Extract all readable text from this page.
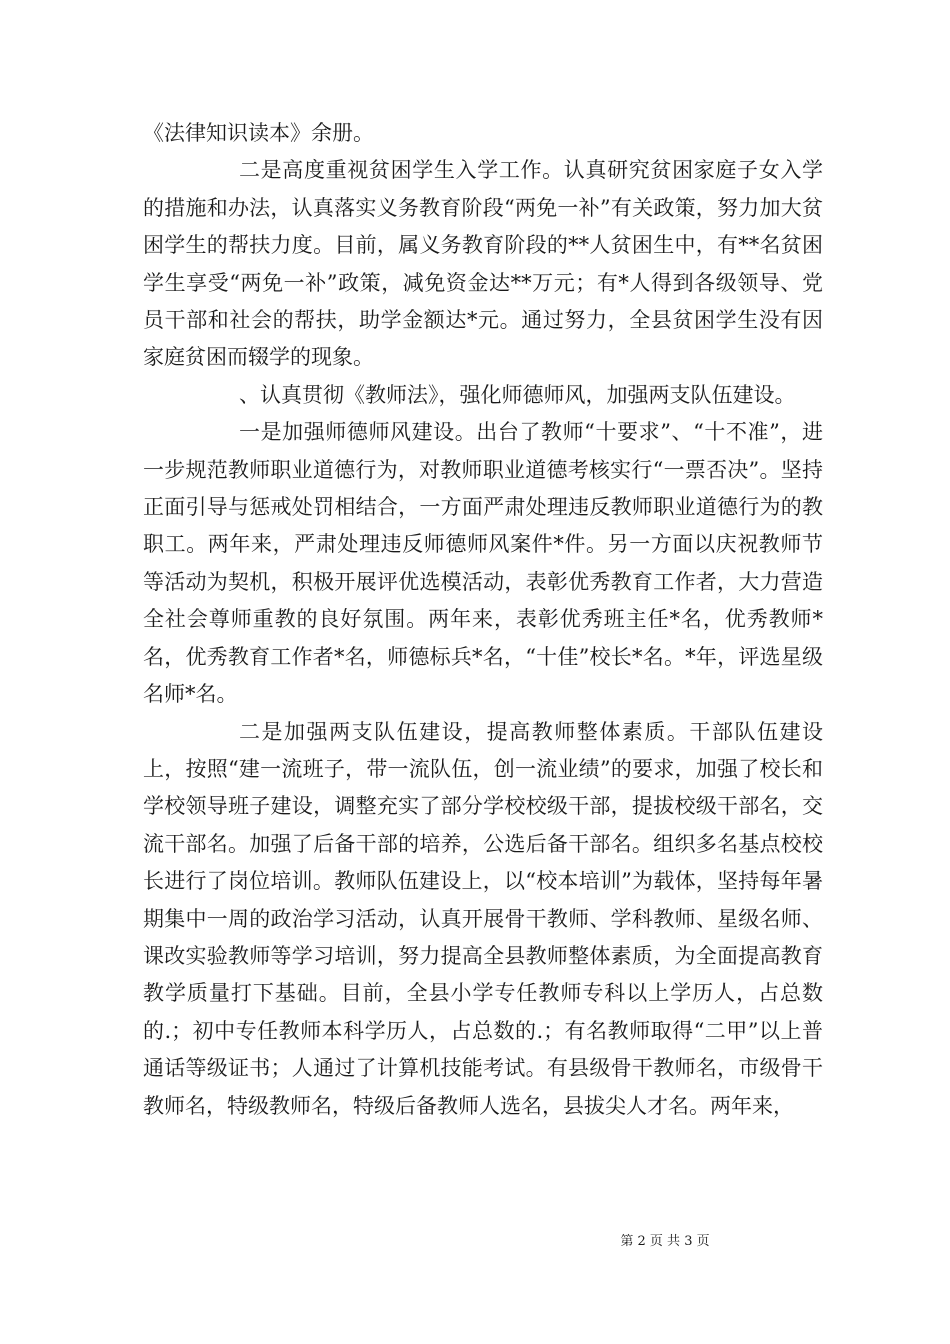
《法律知识读本》余册。

二是高度重视贫困学生入学工作。认真研究贫困家庭子女入学的措施和办法，认真落实义务教育阶段“两免一补”有关政策，努力加大贫困学生的帮扶力度。目前，属义务教育阶段的**人贫困生中，有**名贫困学生享受“两免一补”政策，减免资金达**万元；有*人得到各级领导、党员干部和社会的帮扶，助学金额达*元。通过努力，全县贫困学生没有因家庭贫困而辍学的现象。

、认真贯彻《教师法》，强化师德师风，加强两支队伍建设。

一是加强师德师风建设。出台了教师“十要求”、“十不准”，进一步规范教师职业道德行为，对教师职业道德考核实行“一票否决”。坚持正面引导与惩戒处罚相结合，一方面严肃处理违反教师职业道德行为的教职工。两年来，严肃处理违反师德师风案件*件。另一方面以庆祝教师节等活动为契机，积极开展评优选模活动，表彰优秀教育工作者，大力营造全社会尊师重教的良好氛围。两年来，表彰优秀班主任*名，优秀教师*名，优秀教育工作者*名，师德标兵*名，“十佳”校长*名。*年，评选星级名师*名。

二是加强两支队伍建设，提高教师整体素质。干部队伍建设上，按照“建一流班子，带一流队伍，创一流业绩”的要求，加强了校长和学校领导班子建设，调整充实了部分学校校级干部，提拔校级干部名，交流干部名。加强了后备干部的培养，公选后备干部名。组织多名基点校校长进行了岗位培训。教师队伍建设上，以“校本培训”为载体，坚持每年暑期集中一周的政治学习活动，认真开展骨干教师、学科教师、星级名师、课改实验教师等学习培训，努力提高全县教师整体素质，为全面提高教育教学质量打下基础。目前，全县小学专任教师专科以上学历人，占总数的.；初中专任教师本科学历人，占总数的.；有名教师取得“二甲”以上普通话等级证书；人通过了计算机技能考试。有县级骨干教师名，市级骨干教师名，特级教师名，特级后备教师人选名，县拔尖人才名。两年来，

第 2 页 共 3 页
